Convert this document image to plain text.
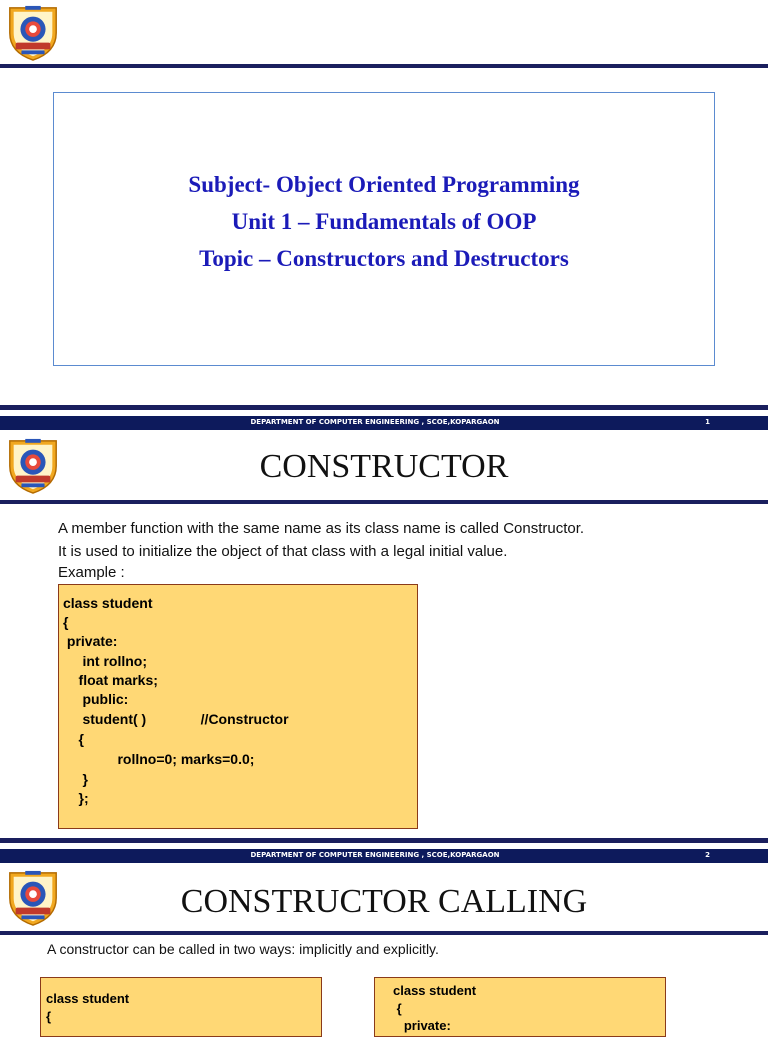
Subject- Object Oriented Programming
Unit 1 – Fundamentals of OOP
Topic – Constructors and Destructors
DEPARTMENT OF COMPUTER ENGINEERING , SCOE,KOPARGAON	1
CONSTRUCTOR
A member function with the same name as its class name is called Constructor.
It is used to initialize the object of that class with a legal initial value.
Example :
class student
{
private:
int rollno;
float marks;
public:
student( )              //Constructor
{
rollno=0; marks=0.0;
}
};
DEPARTMENT OF COMPUTER ENGINEERING , SCOE,KOPARGAON	2
CONSTRUCTOR CALLING
A constructor can be called in two ways: implicitly and explicitly.
class student
{
class student
{
private:
